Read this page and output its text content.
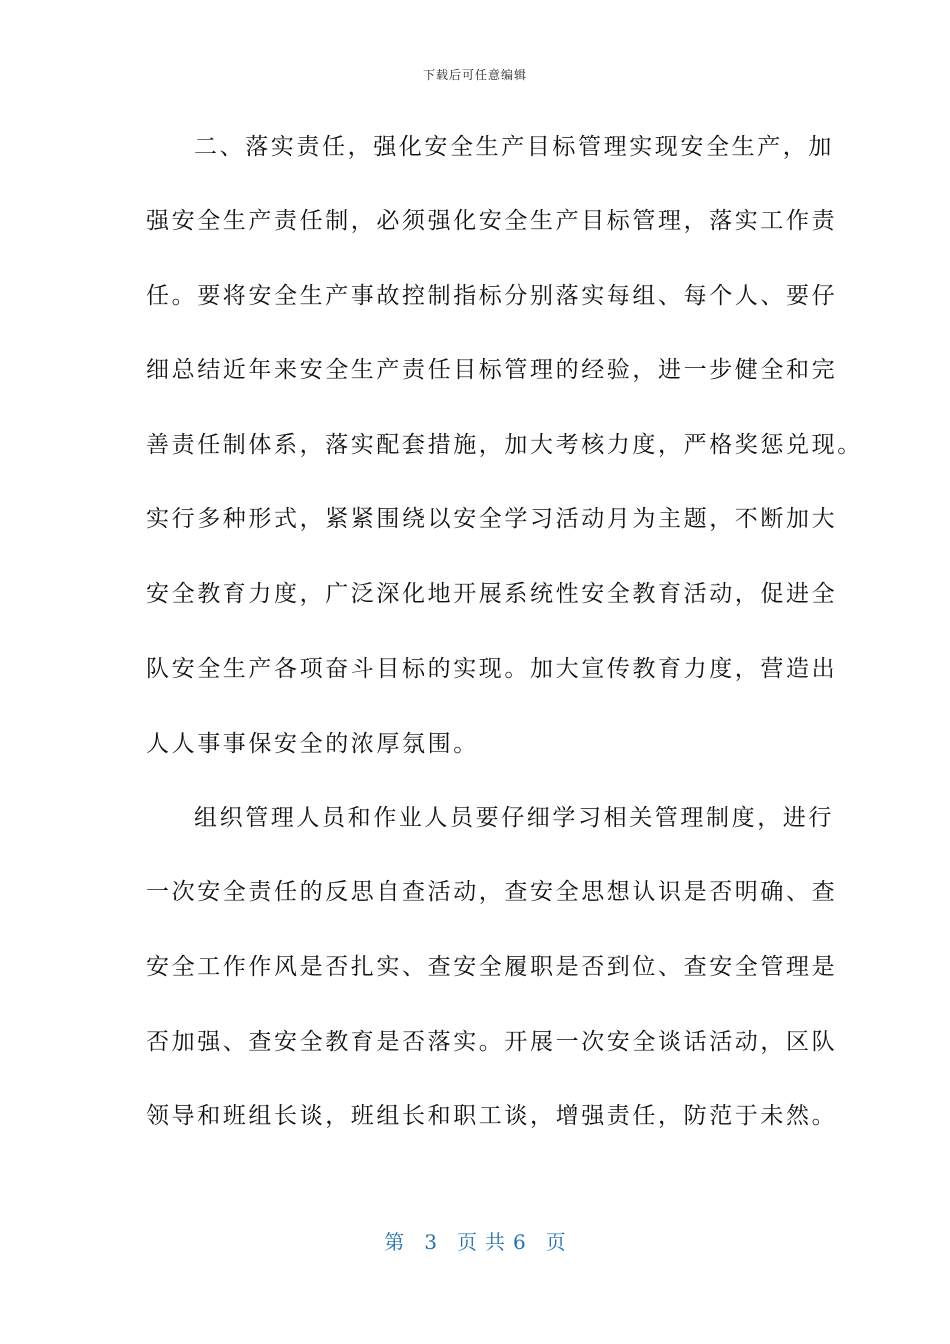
下载后可任意编辑
二、落实责任，强化安全生产目标管理实现安全生产，加
强安全生产责任制，必须强化安全生产目标管理，落实工作责
任。要将安全生产事故控制指标分别落实每组、每个人、要仔
细总结近年来安全生产责任目标管理的经验，进一步健全和完
善责任制体系，落实配套措施，加大考核力度，严格奖惩兑现。
实行多种形式，紧紧围绕以安全学习活动月为主题，不断加大
安全教育力度，广泛深化地开展系统性安全教育活动，促进全
队安全生产各项奋斗目标的实现。加大宣传教育力度，营造出
人人事事保安全的浓厚氛围。
组织管理人员和作业人员要仔细学习相关管理制度，进行
一次安全责任的反思自查活动，查安全思想认识是否明确、查
安全工作作风是否扎实、查安全履职是否到位、查安全管理是
否加强、查安全教育是否落实。开展一次安全谈话活动，区队
领导和班组长谈，班组长和职工谈，增强责任，防范于未然。
第 3 页共6 页
